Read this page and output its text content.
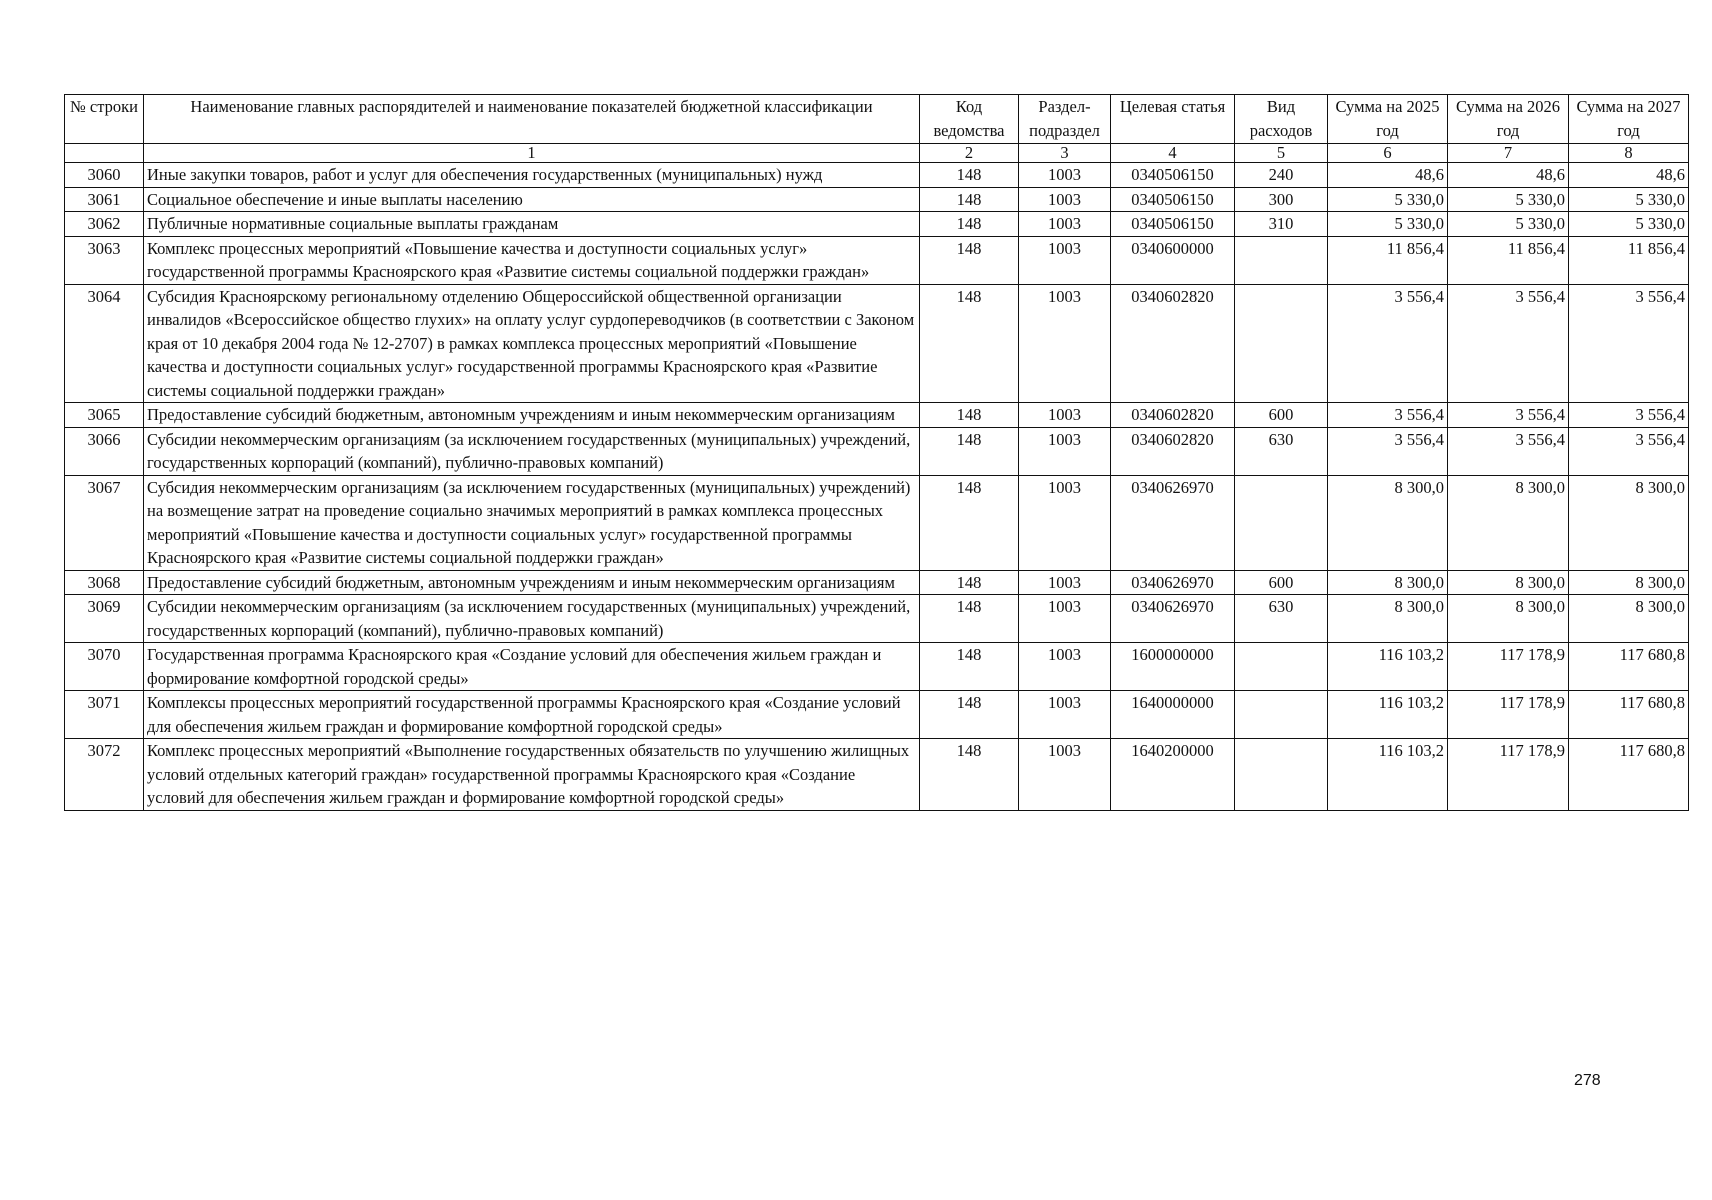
№ строки	Наименование главных распорядителей и наименование показателей бюджетной классификации	Код ведомства	Раздел-подраздел	Целевая статья	Вид расходов	Сумма на 2025 год	Сумма на 2026 год	Сумма на 2027 год
	1	2	3	4	5	6	7	8
3060	Иные закупки товаров, работ и услуг для обеспечения государственных (муниципальных) нужд	148	1003	0340506150	240	48,6	48,6	48,6
3061	Социальное обеспечение и иные выплаты населению	148	1003	0340506150	300	5 330,0	5 330,0	5 330,0
3062	Публичные нормативные социальные выплаты гражданам	148	1003	0340506150	310	5 330,0	5 330,0	5 330,0
3063	Комплекс процессных мероприятий «Повышение качества и доступности социальных услуг» государственной программы Красноярского края «Развитие системы социальной поддержки граждан»	148	1003	0340600000		11 856,4	11 856,4	11 856,4
3064	Субсидия Красноярскому региональному отделению Общероссийской общественной организации инвалидов «Всероссийское общество глухих» на оплату услуг сурдопереводчиков (в соответствии с Законом края от 10 декабря 2004 года № 12-2707) в рамках комплекса процессных мероприятий «Повышение качества и доступности социальных услуг» государственной программы Красноярского края «Развитие системы социальной поддержки граждан»	148	1003	0340602820		3 556,4	3 556,4	3 556,4
3065	Предоставление субсидий бюджетным, автономным учреждениям и иным некоммерческим организациям	148	1003	0340602820	600	3 556,4	3 556,4	3 556,4
3066	Субсидии некоммерческим организациям (за исключением государственных (муниципальных) учреждений, государственных корпораций (компаний), публично-правовых компаний)	148	1003	0340602820	630	3 556,4	3 556,4	3 556,4
3067	Субсидия некоммерческим организациям (за исключением государственных (муниципальных) учреждений) на возмещение затрат на проведение социально значимых мероприятий в рамках комплекса процессных мероприятий «Повышение качества и доступности социальных услуг» государственной программы Красноярского края «Развитие системы социальной поддержки граждан»	148	1003	0340626970		8 300,0	8 300,0	8 300,0
3068	Предоставление субсидий бюджетным, автономным учреждениям и иным некоммерческим организациям	148	1003	0340626970	600	8 300,0	8 300,0	8 300,0
3069	Субсидии некоммерческим организациям (за исключением государственных (муниципальных) учреждений, государственных корпораций (компаний), публично-правовых компаний)	148	1003	0340626970	630	8 300,0	8 300,0	8 300,0
3070	Государственная программа Красноярского края «Создание условий для обеспечения жильем граждан и формирование комфортной городской среды»	148	1003	1600000000		116 103,2	117 178,9	117 680,8
3071	Комплексы процессных мероприятий государственной программы Красноярского края «Создание условий для обеспечения жильем граждан и формирование комфортной городской среды»	148	1003	1640000000		116 103,2	117 178,9	117 680,8
3072	Комплекс процессных мероприятий «Выполнение государственных обязательств по улучшению жилищных условий отдельных категорий граждан» государственной программы Красноярского края «Создание условий для обеспечения жильем граждан и формирование комфортной городской среды»	148	1003	1640200000		116 103,2	117 178,9	117 680,8
278
